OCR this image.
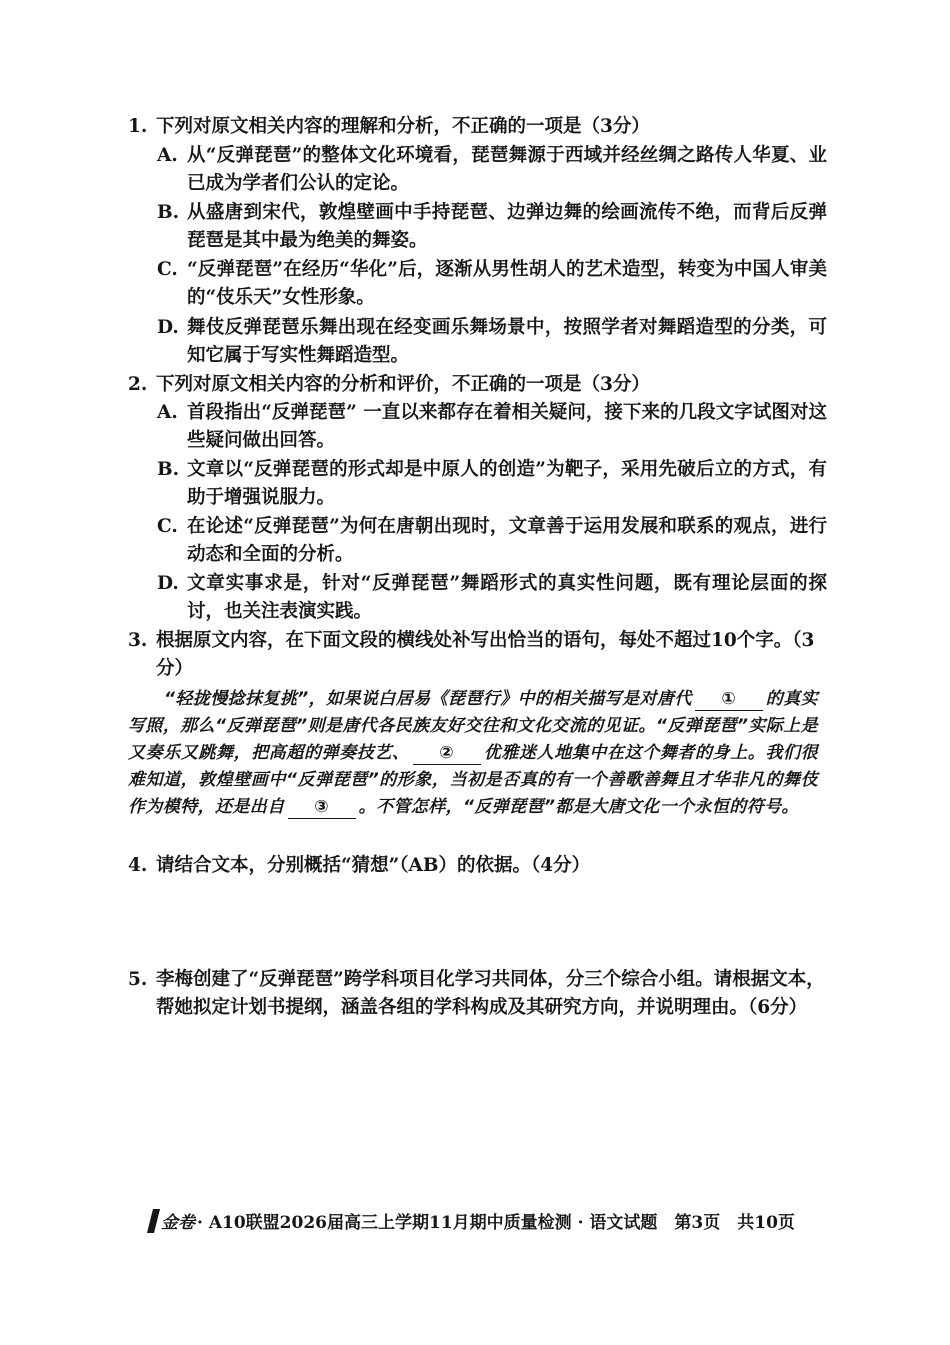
1. 下列对原文相关内容的理解和分析，不正确的一项是（3分）
A. 从“反弹琵琶”的整体文化环境看，琵琶舞源于西域并经丝绸之路传人华夏、业已成为学者们公认的定论。
B. 从盛唐到宋代，敦煌壁画中手持琵琶、边弹边舞的绘画流传不绝，而背后反弹琵琶是其中最为绝美的舞姿。
C. “反弹琵琶”在经历“华化”后，逐渐从男性胡人的艺术造型，转变为中国人审美的“伎乐天”女性形象。
D. 舞伎反弹琵琶乐舞出现在经变画乐舞场景中，按照学者对舞蹈造型的分类，可知它属于写实性舞蹈造型。
2. 下列对原文相关内容的分析和评价，不正确的一项是（3分）
A. 首段指出“反弹琵琶” 一直以来都存在着相关疑问，接下来的几段文字试图对这些疑问做出回答。
B. 文章以“反弹琵琶的形式却是中原人的创造”为靶子，采用先破后立的方式，有助于增强说服力。
C. 在论述“反弹琵琶”为何在唐朝出现时，文章善于运用发展和联系的观点，进行动态和全面的分析。
D. 文章实事求是，针对“反弹琵琶”舞蹈形式的真实性问题，既有理论层面的探讨，也关注表演实践。
3. 根据原文内容，在下面文段的横线处补写出恰当的语句，每处不超过10个字。（3分）
“轻拢慢捻抹复挑”，如果说白居易《琵琶行》中的相关描写是对唐代 ① 的真实写照，那么“反弹琵琶”则是唐代各民族友好交往和文化交流的见证。“反弹琵琶”实际上是又奏乐又跳舞，把高超的弹奏技艺、 ② 优雅迷人地集中在这个舞者的身上。我们很难知道，敦煌壁画中“反弹琵琶”的形象，当初是否真的有一个善歌善舞且才华非凡的舞伎作为模特，还是出自 ③ 。不管怎样，“反弹琵琶”都是大唐文化一个永恒的符号。
4. 请结合文本，分别概括“猜想”（AB）的依据。（4分）
5. 李梅创建了“反弹琵琶”跨学科项目化学习共同体，分三个综合小组。请根据文本，帮她拟定计划书提纲，涵盖各组的学科构成及其研究方向，并说明理由。（6分）
金卷 · A10联盟2026届高三上学期11月期中质量检测 · 语文试题　第3页　共10页
